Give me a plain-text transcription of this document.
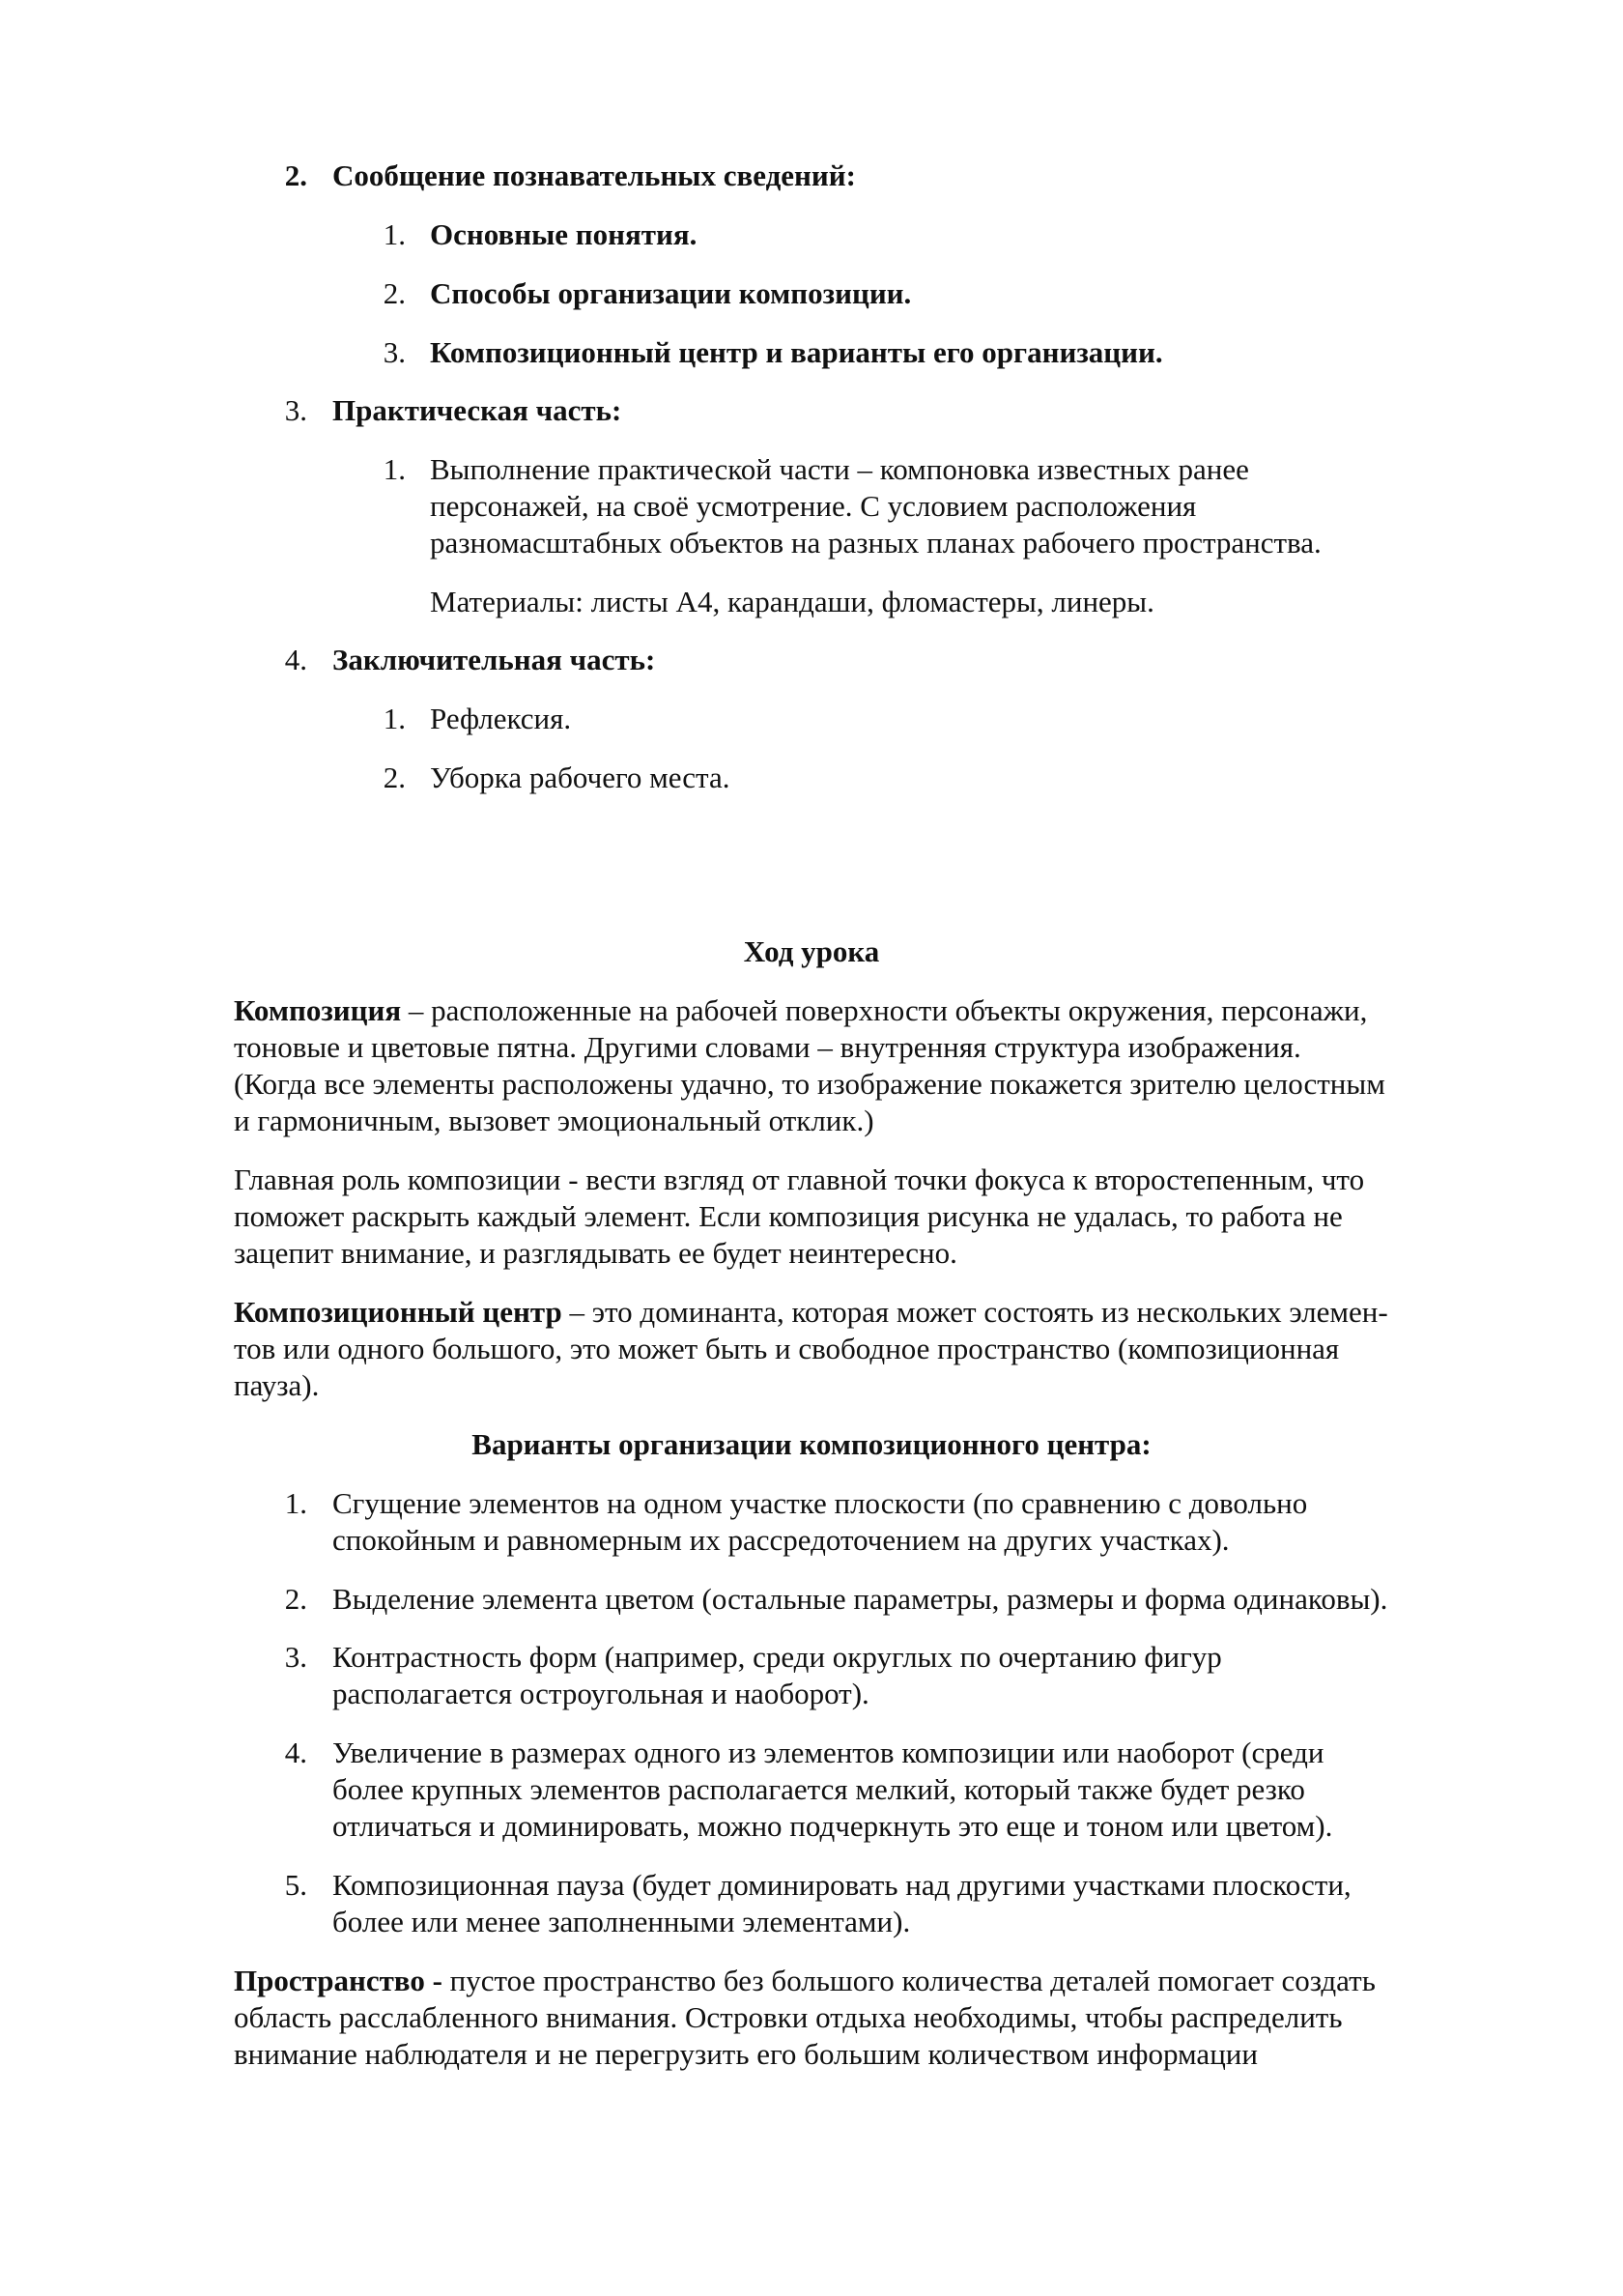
2. Сообщение познавательных сведений:
1. Основные понятия.
2. Способы организации композиции.
3. Композиционный центр и варианты его организации.
3. Практическая часть:
1. Выполнение практической части – компоновка известных ранее
персонажей, на своё усмотрение. С условием расположения
разномасштабных объектов на разных планах рабочего пространства.
Материалы: листы А4, карандаши, фломастеры, линеры.
4. Заключительная часть:
1. Рефлексия.
2. Уборка рабочего места.
Ход урока
Композиция – расположенные на рабочей поверхности объекты окружения, персонажи,
тоновые и цветовые пятна. Другими словами – внутренняя структура изображения.
(Когда все элементы расположены удачно, то изображение покажется зрителю целостным
и гармоничным, вызовет эмоциональный отклик.)
Главная роль композиции - вести взгляд от главной точки фокуса к второстепенным, что
поможет раскрыть каждый элемент. Если композиция рисунка не удалась, то работа не
зацепит внимание, и разглядывать ее будет неинтересно.
Композиционный центр – это доминанта, которая может состоять из нескольких элемен-
тов или одного большого, это может быть и свободное пространство (композиционная
пауза).
Варианты организации композиционного центра:
1. Сгущение элементов на одном участке плоскости (по сравнению с довольно
спокойным и равномерным их рассредоточением на других участках).
2. Выделение элемента цветом (остальные параметры, размеры и форма одинаковы).
3. Контрастность форм (например, среди округлых по очертанию фигур
располагается остроугольная и наоборот).
4. Увеличение в размерах одного из элементов композиции или наоборот (среди
более крупных элементов располагается мелкий, который также будет резко
отличаться и доминировать, можно подчеркнуть это еще и тоном или цветом).
5. Композиционная пауза (будет доминировать над другими участками плоскости,
более или менее заполненными элементами).
Пространство - пустое пространство без большого количества деталей помогает создать
область расслабленного внимания. Островки отдыха необходимы, чтобы распределить
внимание наблюдателя и не перегрузить его большим количеством информации
